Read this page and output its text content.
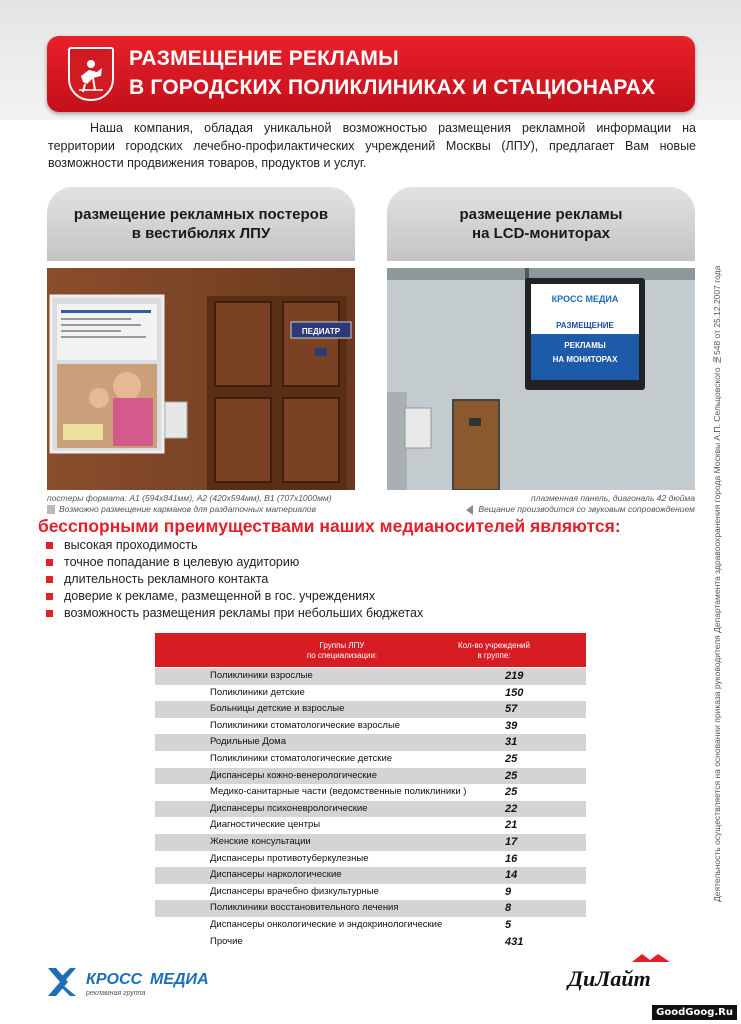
РАЗМЕЩЕНИЕ РЕКЛАМЫ
В ГОРОДСКИХ ПОЛИКЛИНИКАХ И СТАЦИОНАРАХ

Наша компания, обладая уникальной возможностью размещения рекламной информации на территории городских лечебно-профилактических учреждений Москвы (ЛПУ), предлагает Вам новые возможности продвижения товаров, продуктов и услуг.

размещение рекламных постеров
в вестибюлях ЛПУ
ПЕДИАТР
постеры формата: А1 (594x841мм), А2 (420x594мм), В1 (707x1000мм)
Возможно размещение карманов для раздаточных материалов
размещение рекламы
на LCD-мониторах
КРОСС МЕДИА
РАЗМЕЩЕНИЕ
РЕКЛАМЫ
НА МОНИТОРАХ
плазменная панель, диагональ 42 дюйма
Вещание производится со звуковым сопровождением
бесспорными преимуществами наших медианосителей являются:
высокая проходимость
точное попадание в целевую аудиторию
длительность рекламного контакта
доверие к рекламе, размещенной в гос. учреждениях
возможность размещения рекламы при небольших бюджетах
Группы ЛПУ
по специализации:
Кол-во учреждений
в группе:
Поликлиники взрослые	219
Поликлиники детские	150
Больницы детские и взрослые	57
Поликлиники стоматологические взрослые	39
Родильные Дома	31
Поликлиники стоматологические детские	25
Диспансеры кожно-венерологические	25
Медико-санитарные части (ведомственные поликлиники )	25
Диспансеры психоневрологические	22
Диагностические центры	21
Женские консультации	17
Диспансеры противотуберкулезные	16
Диспансеры наркологические	14
Диспансеры врачебно физкультурные	9
Поликлиники восстановительного лечения	8
Диспансеры онкологические и эндокринологические	5
Прочие	431
Деятельность осуществляется на основании приказа руководителя Департамента здравоохранения города Москвы А.П. Сельцовского №548 от 25.12.2007 года
КРОСС МЕДИА
рекламная группа
ДиЛайт
GoodGoog.Ru
